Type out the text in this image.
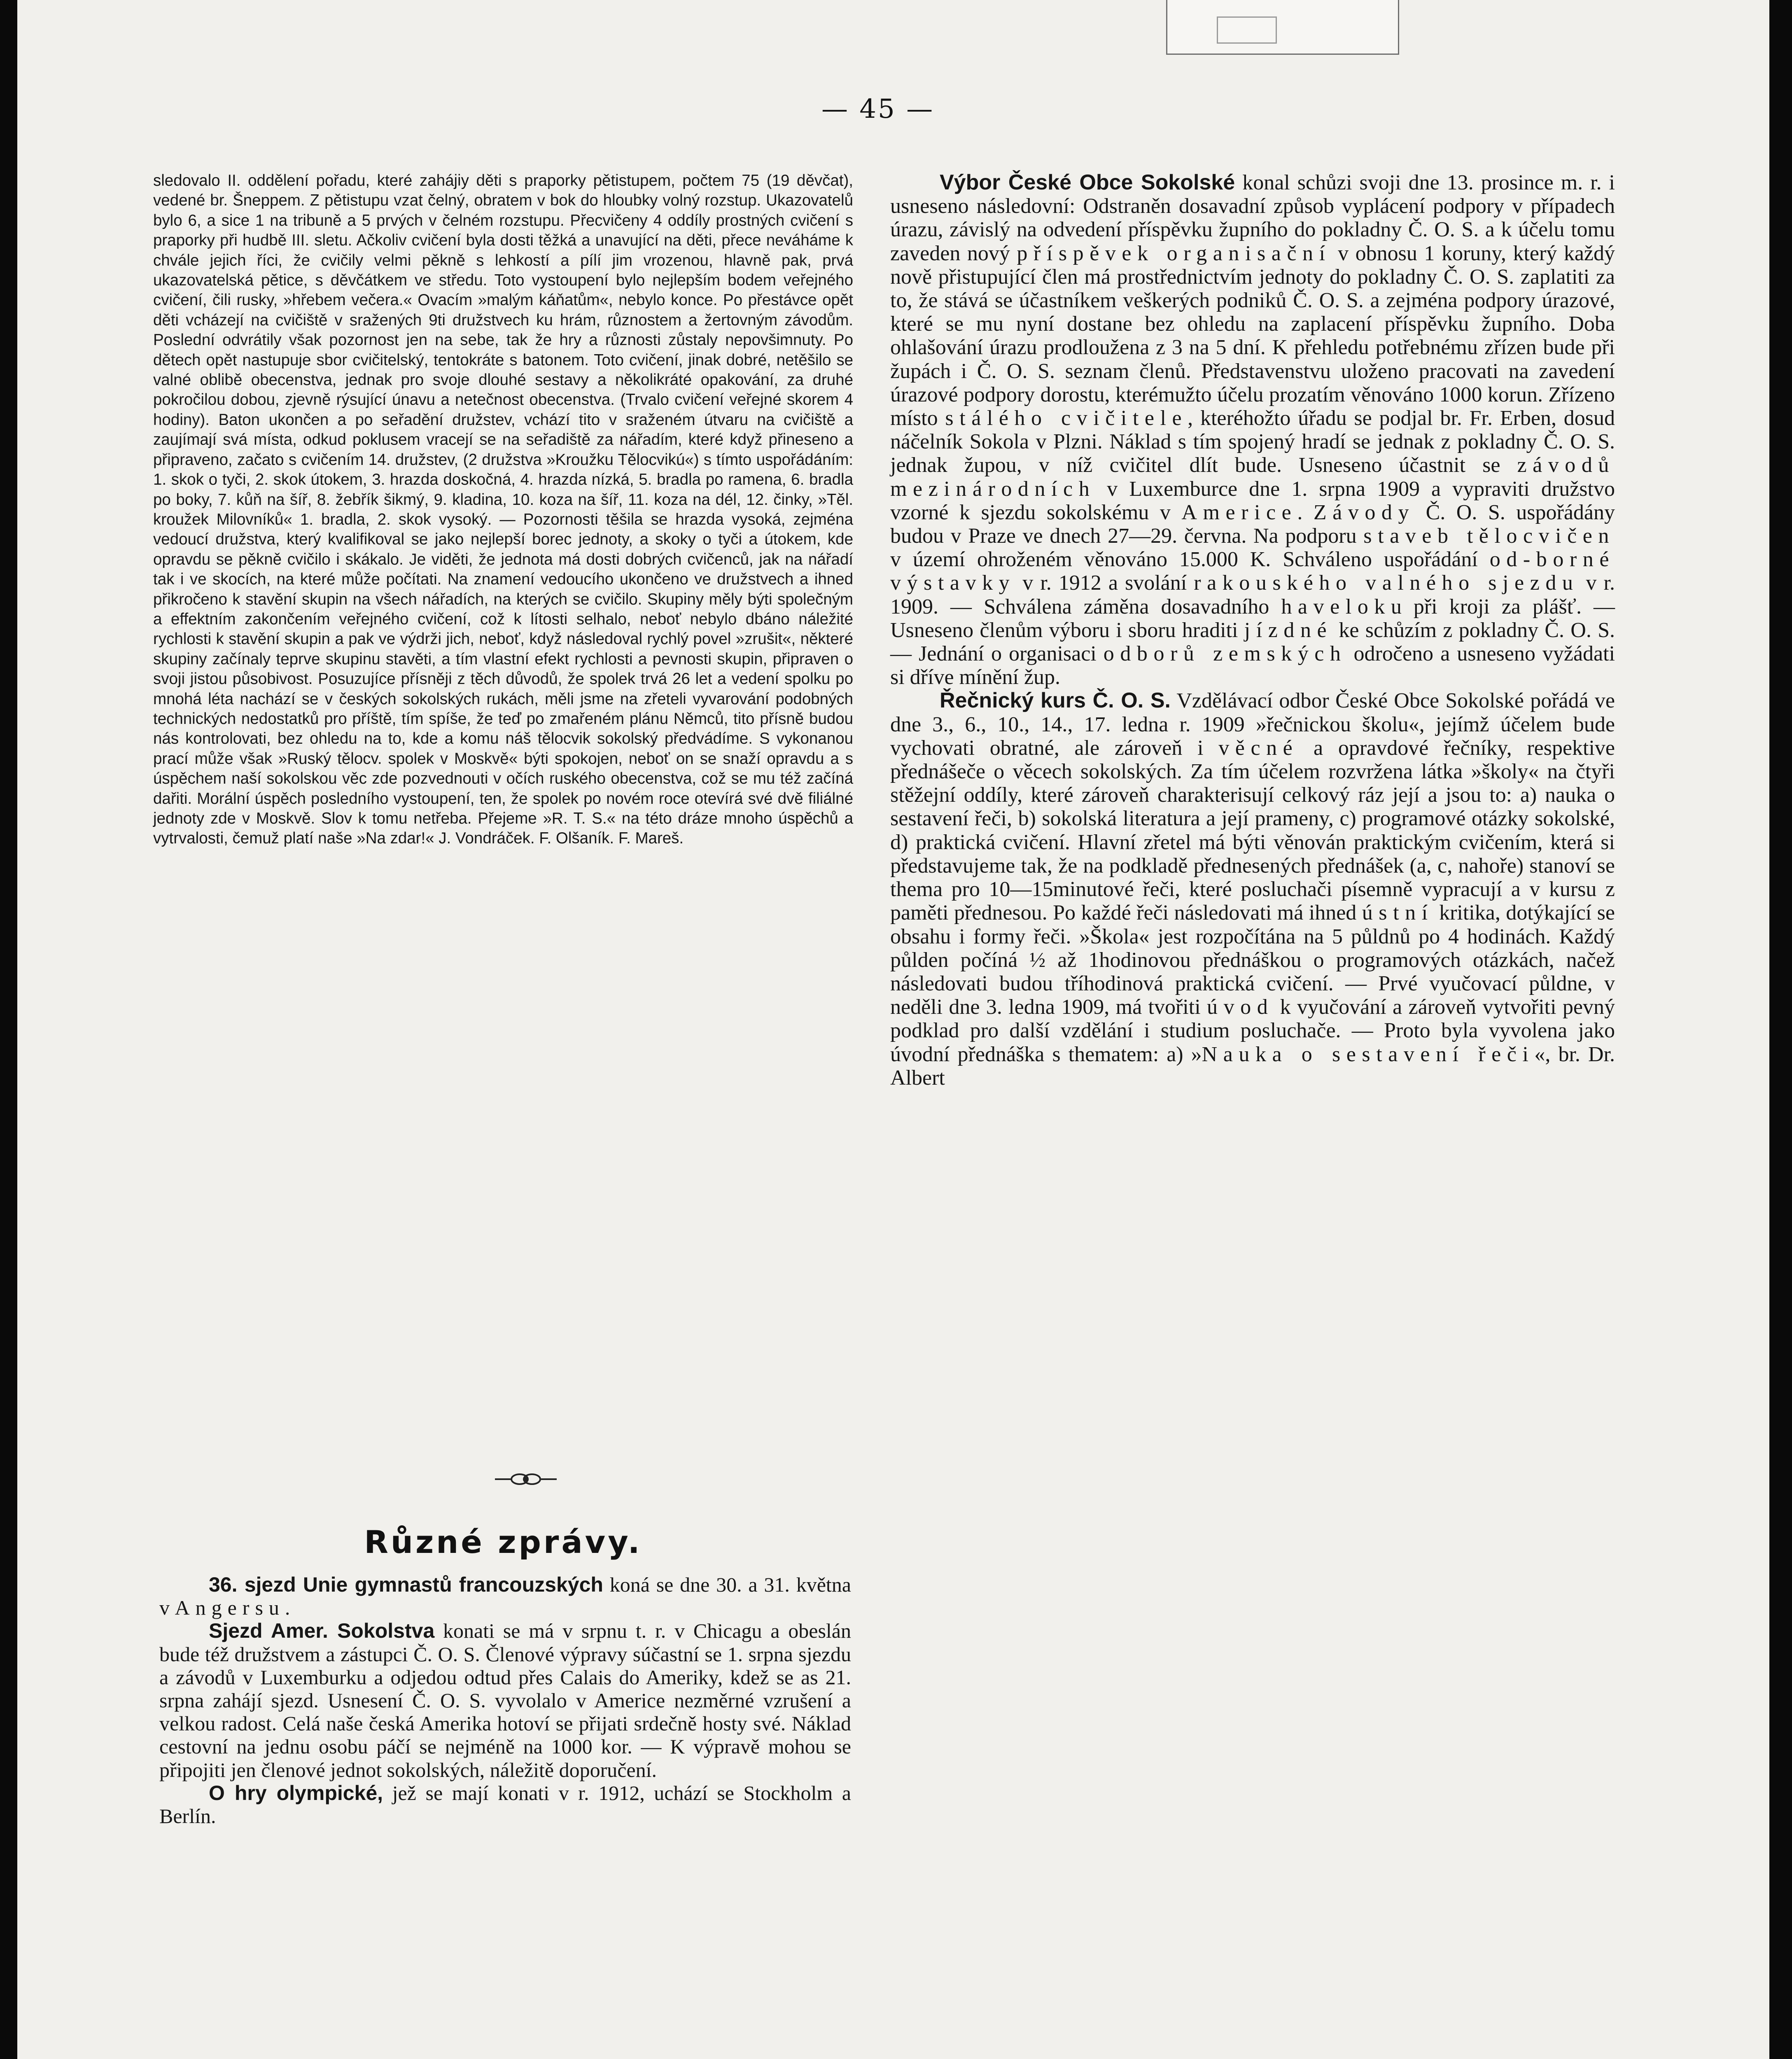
— 45 —

sledovalo II. oddělení pořadu, které zahájiy děti s praporky pětistupem, počtem 75 (19 děvčat), vedené br. Šneppem. Z pětistupu vzat čelný, obratem v bok do hloubky volný rozstup. Ukazovatelů bylo 6, a sice 1 na tribuně a 5 prvých v čelném rozstupu. Přecvičeny 4 oddíly prostných cvičení s praporky při hudbě III. sletu. Ačkoliv cvičení byla dosti těžká a unavující na děti, přece neváháme k chvále jejich říci, že cvičily velmi pěkně s lehkostí a pílí jim vrozenou, hlavně pak, prvá ukazovatelská pětice, s děvčátkem ve středu. Toto vystoupení bylo nejlepším bodem veřejného cvičení, čili rusky, »hřebem večera.« Ovacím »malým káňatům«, nebylo konce. Po přestávce opět děti vcházejí na cvičiště v sražených 9ti družstvech ku hrám, různostem a žertovným závodům. Poslední odvrátily však pozornost jen na sebe, tak že hry a různosti zůstaly nepovšimnuty. Po dětech opět nastupuje sbor cvičitelský, tentokráte s batonem. Toto cvičení, jinak dobré, netěšilo se valné oblibě obecenstva, jednak pro svoje dlouhé sestavy a několikráté opakování, za druhé pokročilou dobou, zjevně rýsující únavu a netečnost obecenstva. (Trvalo cvičení veřejné skorem 4 hodiny). Baton ukončen a po seřadění družstev, vchází tito v sraženém útvaru na cvičiště a zaujímají svá místa, odkud poklusem vracejí se na seřadiště za nářadím, které když přineseno a připraveno, začato s cvičením 14. družstev, (2 družstva »Kroužku Tělocvikú«) s tímto uspořádáním: 1. skok o tyči, 2. skok útokem, 3. hrazda doskočná, 4. hrazda nízká, 5. bradla po ramena, 6. bradla po boky, 7. kůň na šíř, 8. žebřík šikmý, 9. kladina, 10. koza na šíř, 11. koza na dél, 12. činky, »Těl. kroužek Milovníků« 1. bradla, 2. skok vysoký. — Pozornosti těšila se hrazda vysoká, zejména vedoucí družstva, který kvalifikoval se jako nejlepší borec jednoty, a skoky o tyči a útokem, kde opravdu se pěkně cvičilo i skákalo. Je viděti, že jednota má dosti dobrých cvičenců, jak na nářadí tak i ve skocích, na které může počítati. Na znamení vedoucího ukončeno ve družstvech a ihned přikročeno k stavění skupin na všech nářadích, na kterých se cvičilo. Skupiny měly býti společným a effektním zakončením veřejného cvičení, což k lítosti selhalo, neboť nebylo dbáno náležité rychlosti k stavění skupin a pak ve výdrži jich, neboť, když následoval rychlý povel »zrušit«, některé skupiny začínaly teprve skupinu stavěti, a tím vlastní efekt rychlosti a pevnosti skupin, připraven o svoji jistou působivost. Posuzujíce přísněji z těch důvodů, že spolek trvá 26 let a vedení spolku po mnohá léta nachází se v českých sokolských rukách, měli jsme na zřeteli vyvarování podobných technických nedostatků pro příště, tím spíše, že teď po zmařeném plánu Němců, tito přísně budou nás kontrolovati, bez ohledu na to, kde a komu náš tělocvik sokolský předvádíme. S vykonanou prací může však »Ruský tělocv. spolek v Moskvě« býti spokojen, neboť on se snaží opravdu a s úspěchem naší sokolskou věc zde pozvednouti v očích ruského obecenstva, což se mu též začíná dařiti. Morální úspěch posledního vystoupení, ten, že spolek po novém roce otevírá své dvě filiálné jednoty zde v Moskvě. Slov k tomu netřeba. Přejeme »R. T. S.« na této dráze mnoho úspěchů a vytrvalosti, čemuž platí naše »Na zdar!« J. Vondráček. F. Olšaník. F. Mareš.

Různé zprávy.

36. sjezd Unie gymnastů francouzských koná se dne 30. a 31. května v Angersu.

Sjezd Amer. Sokolstva konati se má v srpnu t. r. v Chicagu a obeslán bude též družstvem a zástupci Č. O. S. Členové výpravy súčastní se 1. srpna sjezdu a závodů v Luxemburku a odjedou odtud přes Calais do Ameriky, kdež se as 21. srpna zahájí sjezd. Usnesení Č. O. S. vyvolalo v Americe nezměrné vzrušení a velkou radost. Celá naše česká Amerika hotoví se přijati srdečně hosty své. Náklad cestovní na jednu osobu páčí se nejméně na 1000 kor. — K výpravě mohou se připojiti jen členové jednot sokolských, náležitě doporučení.

O hry olympické, jež se mají konati v r. 1912, uchází se Stockholm a Berlín.

Výbor České Obce Sokolské konal schůzi svoji dne 13. prosince m. r. i usneseno následovní: Odstraněn dosavadní způsob vyplácení podpory v případech úrazu, závislý na odvedení příspěvku župního do pokladny Č. O. S. a k účelu tomu zaveden nový příspěvek organisační v obnosu 1 koruny, který každý nově přistupující člen má prostřednictvím jednoty do pokladny Č. O. S. zaplatiti za to, že stává se účastníkem veškerých podniků Č. O. S. a zejména podpory úrazové, které se mu nyní dostane bez ohledu na zaplacení příspěvku župního. Doba ohlašování úrazu prodloužena z 3 na 5 dní. K přehledu potřebnému zřízen bude při župách i Č. O. S. seznam členů. Představenstvu uloženo pracovati na zavedení úrazové podpory dorostu, kterémužto účelu prozatím věnováno 1000 korun. Zřízeno místo stálého cvičitele, kteréhožto úřadu se podjal br. Fr. Erben, dosud náčelník Sokola v Plzni. Náklad s tím spojený hradí se jednak z pokladny Č. O. S. jednak župou, v níž cvičitel dlít bude. Usneseno účastnit se závodů mezinárodních v Luxemburce dne 1. srpna 1909 a vypraviti družstvo vzorné k sjezdu sokolskému v Americe. Závody Č. O. S. uspořádány budou v Praze ve dnech 27—29. června. Na podporu staveb tělocvičen v území ohroženém věnováno 15.000 K. Schváleno uspořádání od-borné výstavky v r. 1912 a svolání rakouského valného sjezdu v r. 1909. — Schválena záměna dosavadního haveloku při kroji za plášť. — Usneseno členům výboru i sboru hraditi jízdné ke schůzím z pokladny Č. O. S. — Jednání o organisaci odborů zemských odročeno a usneseno vyžádati si dříve mínění žup.

Řečnický kurs Č. O. S. Vzdělávací odbor České Obce Sokolské pořádá ve dne 3., 6., 10., 14., 17. ledna r. 1909 »řečnickou školu«, jejímž účelem bude vychovati obratné, ale zároveň i věcné a opravdové řečníky, respektive přednášeče o věcech sokolských. Za tím účelem rozvržena látka »školy« na čtyři stěžejní oddíly, které zároveň charakterisují celkový ráz její a jsou to: a) nauka o sestavení řeči, b) sokolská literatura a její prameny, c) programové otázky sokolské, d) praktická cvičení. Hlavní zřetel má býti věnován praktickým cvičením, která si představujeme tak, že na podkladě přednesených přednášek (a, c, nahoře) stanoví se thema pro 10—15minutové řeči, které posluchači písemně vypracují a v kursu z paměti přednesou. Po každé řeči následovati má ihned ústní kritika, dotýkající se obsahu i formy řeči. »Škola« jest rozpočítána na 5 půldnů po 4 hodinách. Každý půlden počíná ½ až 1hodinovou přednáškou o programových otázkách, načež následovati budou tříhodinová praktická cvičení. — Prvé vyučovací půldne, v neděli dne 3. ledna 1909, má tvořiti úvod k vyučování a zároveň vytvořiti pevný podklad pro další vzdělání i studium posluchače. — Proto byla vyvolena jako úvodní přednáška s thematem: a) »Nauka o sestavení řeči«, br. Dr. Albert
